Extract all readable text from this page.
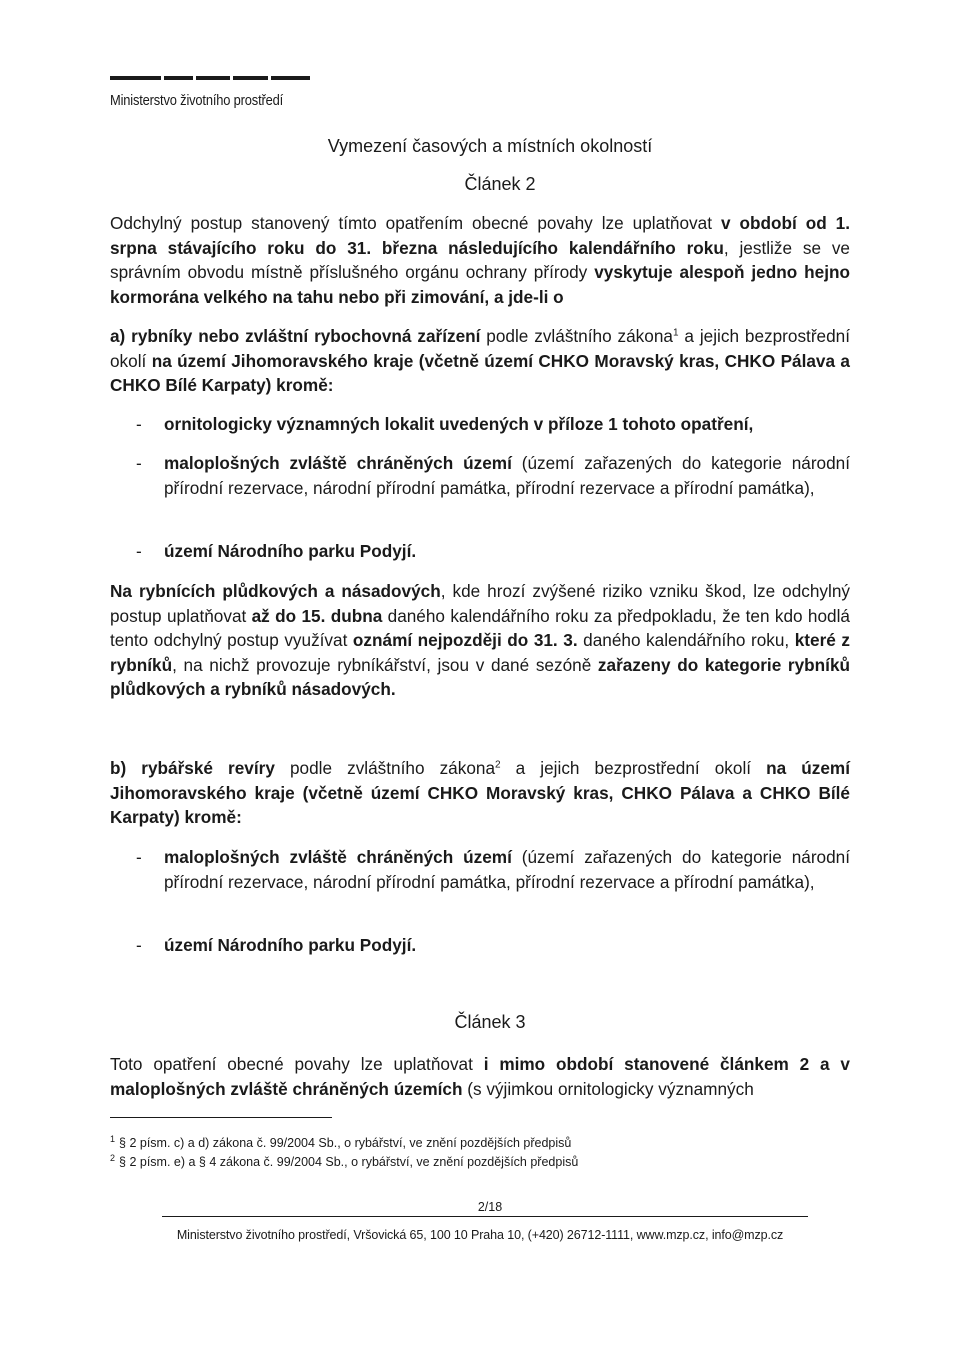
Ministerstvo životního prostředí
Vymezení časových a místních okolností
Článek 2
Odchylný postup stanovený tímto opatřením obecné povahy lze uplatňovat v období od 1. srpna stávajícího roku do 31. března následujícího kalendářního roku, jestliže se ve správním obvodu místně příslušného orgánu ochrany přírody vyskytuje alespoň jedno hejno kormorána velkého na tahu nebo při zimování, a jde-li o
a) rybníky nebo zvláštní rybochovná zařízení podle zvláštního zákona$^1$ a jejich bezprostřední okolí na území Jihomoravského kraje (včetně území CHKO Moravský kras, CHKO Pálava a CHKO Bílé Karpaty) kromě:
- ornitologicky významných lokalit uvedených v příloze 1 tohoto opatření,
- maloplošných zvláště chráněných území (území zařazených do kategorie národní přírodní rezervace, národní přírodní památka, přírodní rezervace a přírodní památka),
- území Národního parku Podyjí.
Na rybnících plůdkových a násadových, kde hrozí zvýšené riziko vzniku škod, lze odchylný postup uplatňovat až do 15. dubna daného kalendářního roku za předpokladu, že ten kdo hodlá tento odchylný postup využívat oznámí nejpozději do 31. 3. daného kalendářního roku, které z rybníků, na nichž provozuje rybníkářství, jsou v dané sezóně zařazeny do kategorie rybníků plůdkových a rybníků násadových.
b) rybářské revíry podle zvláštního zákona$^2$ a jejich bezprostřední okolí na území Jihomoravského kraje (včetně území CHKO Moravský kras, CHKO Pálava a CHKO Bílé Karpaty) kromě:
- maloplošných zvláště chráněných území (území zařazených do kategorie národní přírodní rezervace, národní přírodní památka, přírodní rezervace a přírodní památka),
- území Národního parku Podyjí.
Článek 3
Toto opatření obecné povahy lze uplatňovat i mimo období stanovené článkem 2 a v maloplošných zvláště chráněných územích (s výjimkou ornitologicky významných
$^1$ § 2 písm. c) a d) zákona č. 99/2004 Sb., o rybářství, ve znění pozdějších předpisů
$^2$ § 2 písm. e) a § 4 zákona č. 99/2004 Sb., o rybářství, ve znění pozdějších předpisů
2/18
Ministerstvo životního prostředí, Vršovická 65, 100 10 Praha 10, (+420) 26712-1111, www.mzp.cz, info@mzp.cz
